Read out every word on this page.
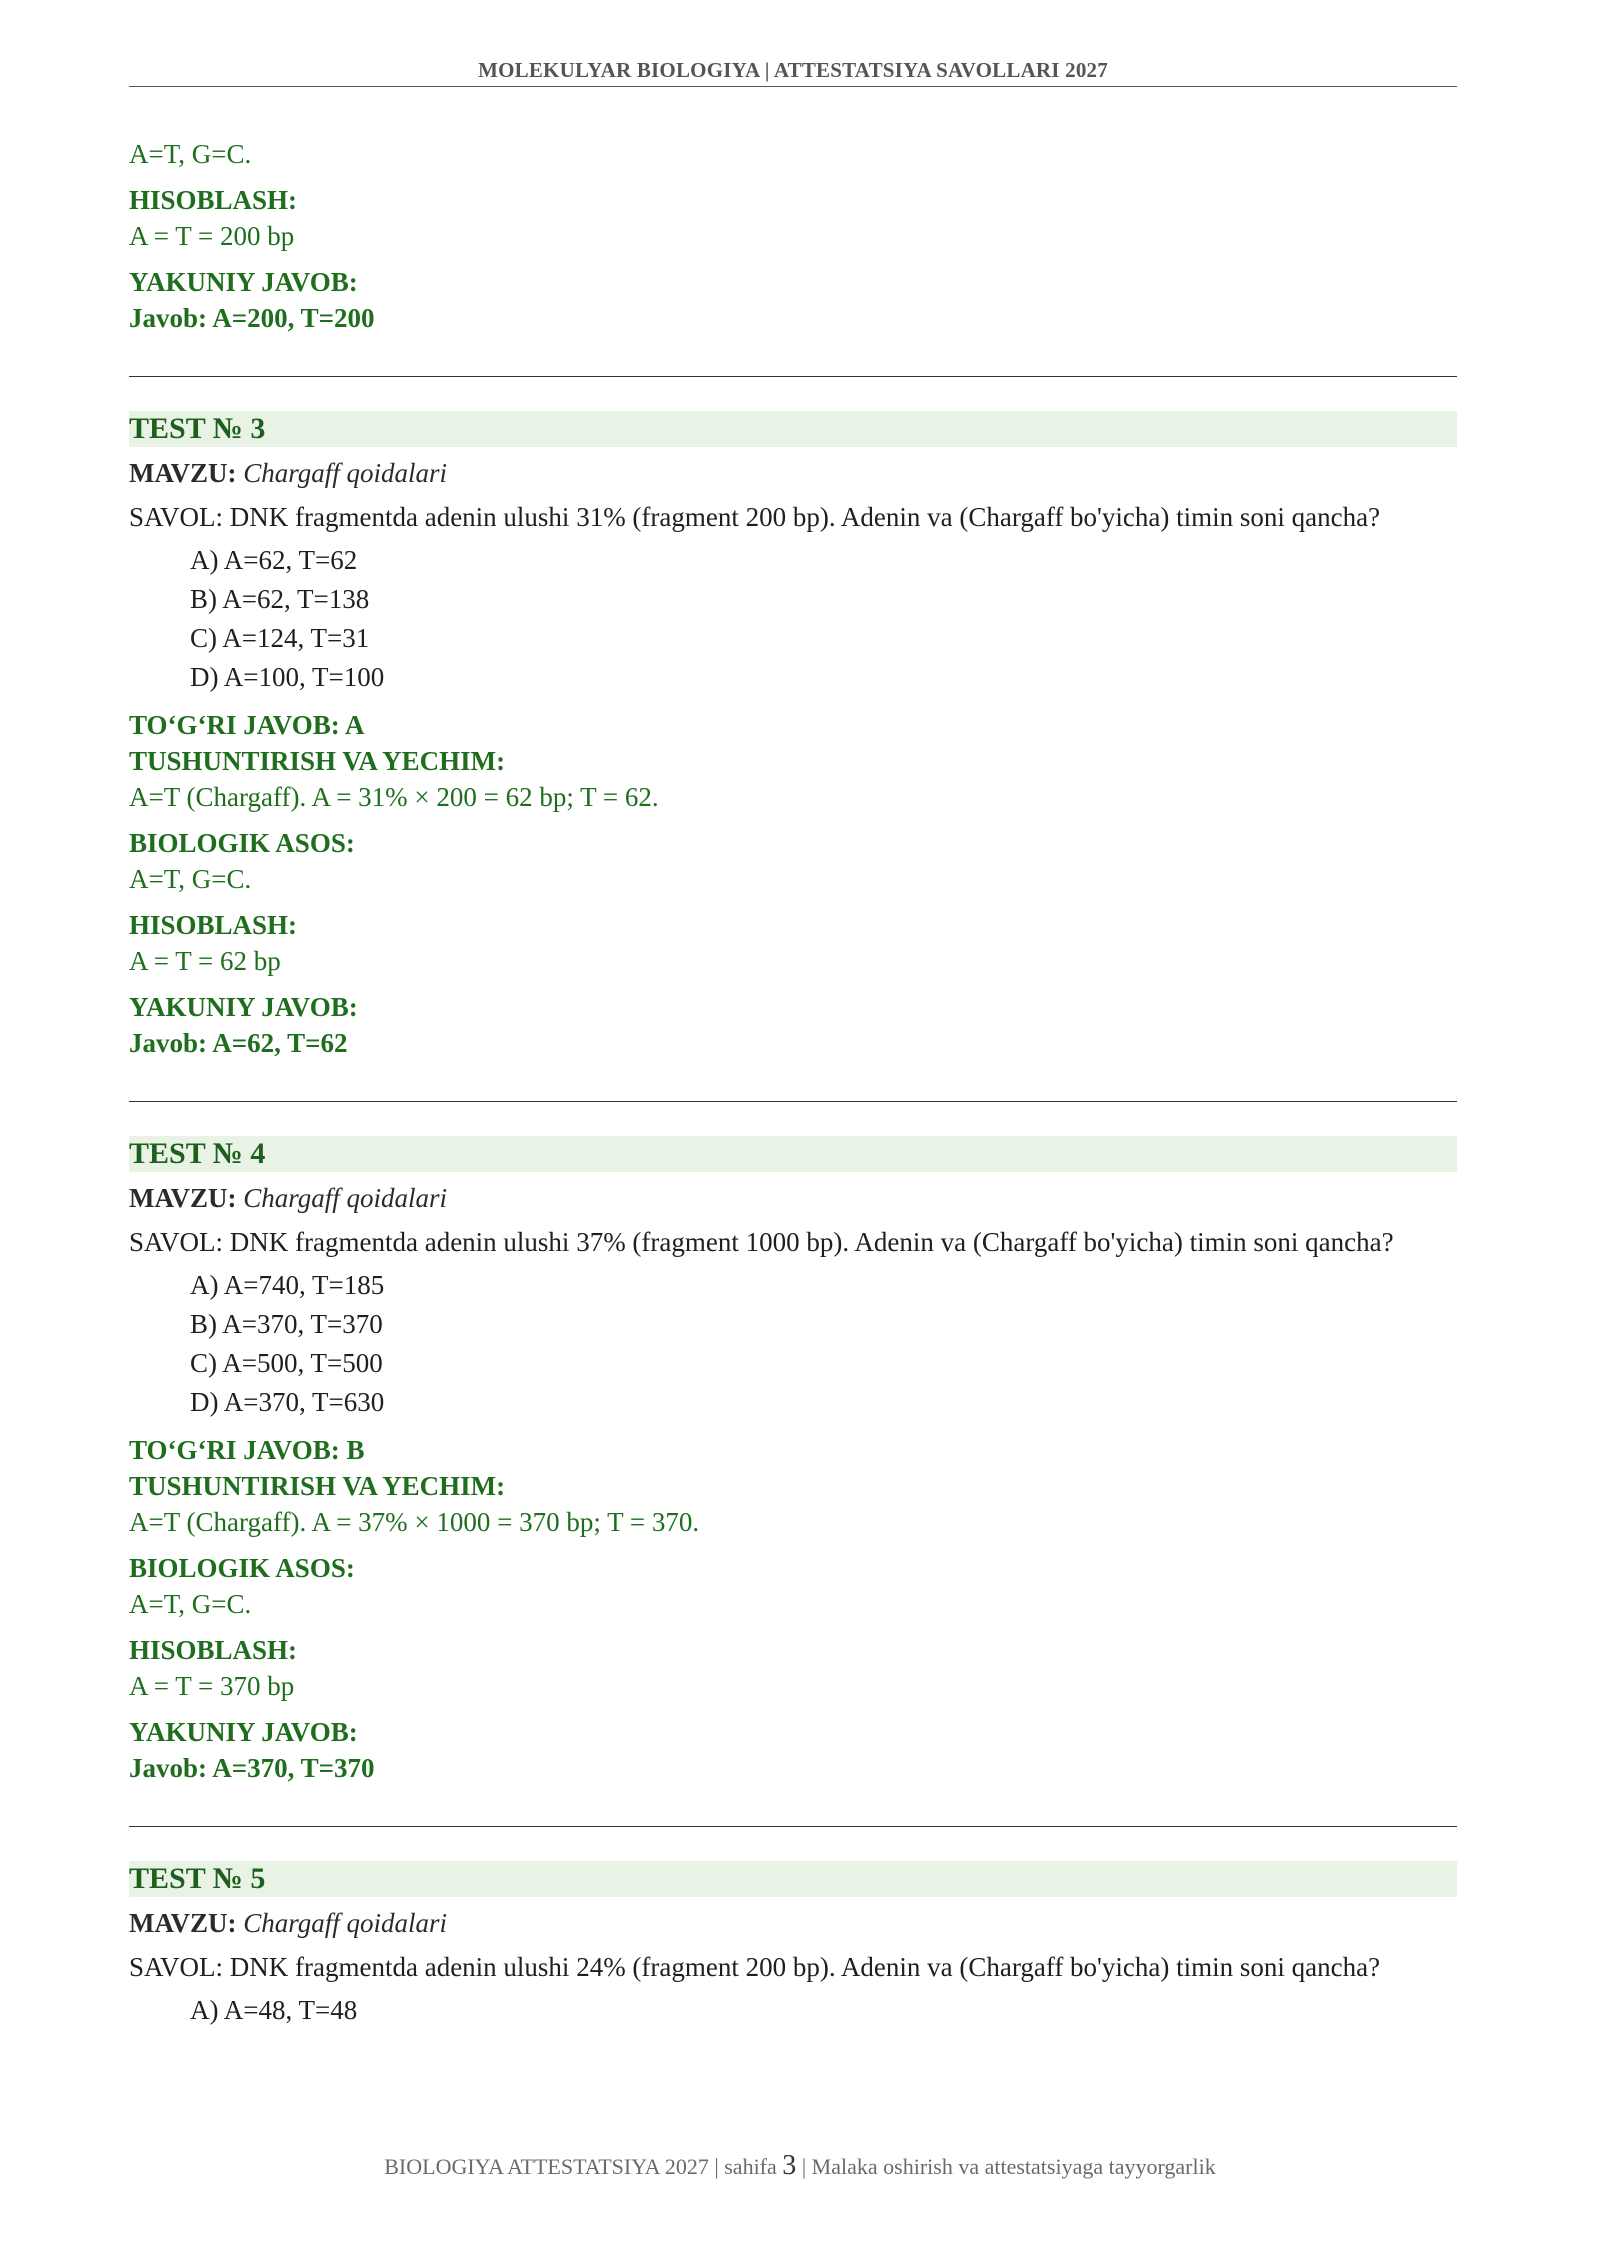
MOLEKULYAR BIOLOGIYA | ATTESTATSIYA SAVOLLARI 2027
A=T, G=C.
HISOBLASH:
A = T = 200 bp
YAKUNIY JAVOB:
Javob: A=200, T=200
TEST № 3
MAVZU: Chargaff qoidalari
SAVOL: DNK fragmentda adenin ulushi 31% (fragment 200 bp). Adenin va (Chargaff bo'yicha) timin soni qancha?
A) A=62, T=62
B) A=62, T=138
C) A=124, T=31
D) A=100, T=100
TO‘G‘RI JAVOB: A
TUSHUNTIRISH VA YECHIM:
A=T (Chargaff). A = 31% × 200 = 62 bp; T = 62.
BIOLOGIK ASOS:
A=T, G=C.
HISOBLASH:
A = T = 62 bp
YAKUNIY JAVOB:
Javob: A=62, T=62
TEST № 4
MAVZU: Chargaff qoidalari
SAVOL: DNK fragmentda adenin ulushi 37% (fragment 1000 bp). Adenin va (Chargaff bo'yicha) timin soni qancha?
A) A=740, T=185
B) A=370, T=370
C) A=500, T=500
D) A=370, T=630
TO‘G‘RI JAVOB: B
TUSHUNTIRISH VA YECHIM:
A=T (Chargaff). A = 37% × 1000 = 370 bp; T = 370.
BIOLOGIK ASOS:
A=T, G=C.
HISOBLASH:
A = T = 370 bp
YAKUNIY JAVOB:
Javob: A=370, T=370
TEST № 5
MAVZU: Chargaff qoidalari
SAVOL: DNK fragmentda adenin ulushi 24% (fragment 200 bp). Adenin va (Chargaff bo'yicha) timin soni qancha?
A) A=48, T=48
BIOLOGIYA ATTESTATSIYA 2027 | sahifa 3 | Malaka oshirish va attestatsiyaga tayyorgarlik
